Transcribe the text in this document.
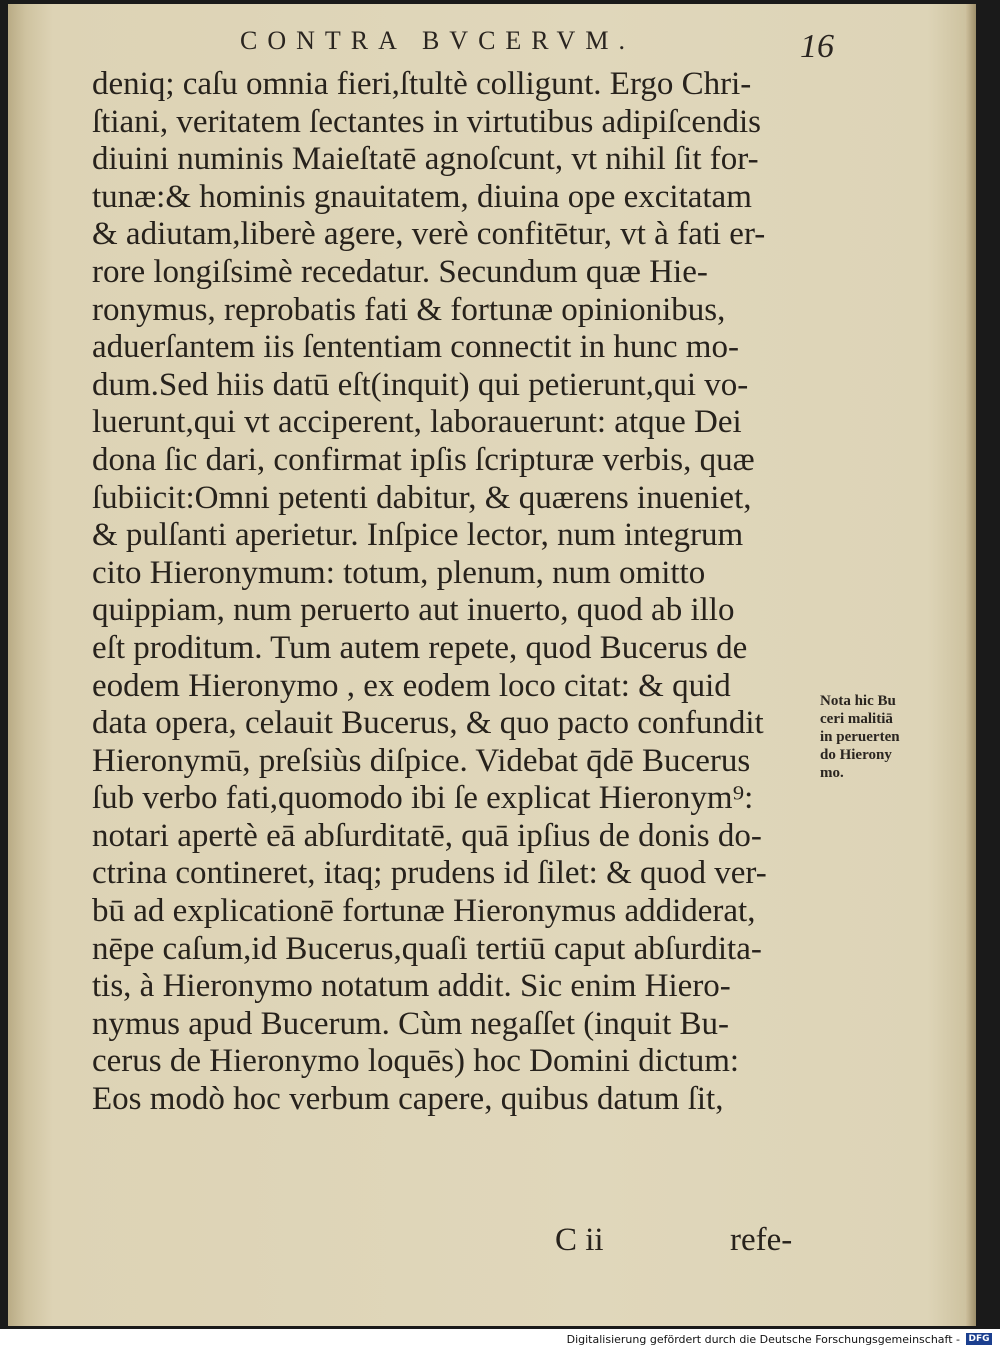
CONTRA BVCERVM.	16
deniq; caſu omnia fieri,ſtultè colligunt. Ergo Chri-
ſtiani, veritatem ſectantes in virtutibus adipiſcendis
diuini numinis Maieſtatē agnoſcunt, vt nihil ſit for-
tunæ:& hominis gnauitatem, diuina ope excitatam
& adiutam,liberè agere, verè confitētur, vt à fati er-
rore longiſsimè recedatur. Secundum quæ Hie-
ronymus, reprobatis fati & fortunæ opinionibus,
aduerſantem iis ſententiam connectit in hunc mo-
dum.Sed hiis datū eſt(inquit) qui petierunt,qui vo-
luerunt,qui vt acciperent, laborauerunt: atque Dei
dona ſic dari, confirmat ipſis ſcripturæ verbis, quæ
ſubiicit:Omni petenti dabitur, & quærens inueniet,
& pulſanti aperietur. Inſpice lector, num integrum
cito Hieronymum: totum, plenum, num omitto
quippiam, num peruerto aut inuerto, quod ab illo
eſt proditum. Tum autem repete, quod Bucerus de
eodem Hieronymo , ex eodem loco citat: & quid
data opera, celauit Bucerus, & quo pacto confundit
Hieronymū, preſsiùs diſpice. Videbat q̄dē Bucerus
ſub verbo fati,quomodo ibi ſe explicat Hieronym⁹:
notari apertè eā abſurditatē, quā ipſius de donis do-
ctrina contineret, itaq; prudens id ſilet: & quod ver-
bū ad explicationē fortunæ Hieronymus addiderat,
nēpe caſum,id Bucerus,quaſi tertiū caput abſurdita-
tis, à Hieronymo notatum addit. Sic enim Hiero-
nymus apud Bucerum. Cùm negaſſet (inquit Bu-
cerus de Hieronymo loquēs) hoc Domini dictum:
Eos modò hoc verbum capere, quibus datum ſit,
Nota hic Bu
ceri malitiā
in peruerten
do Hierony
mo.
C ii	refe-
Digitalisierung gefördert durch die Deutsche Forschungsgemeinschaft - DFG
